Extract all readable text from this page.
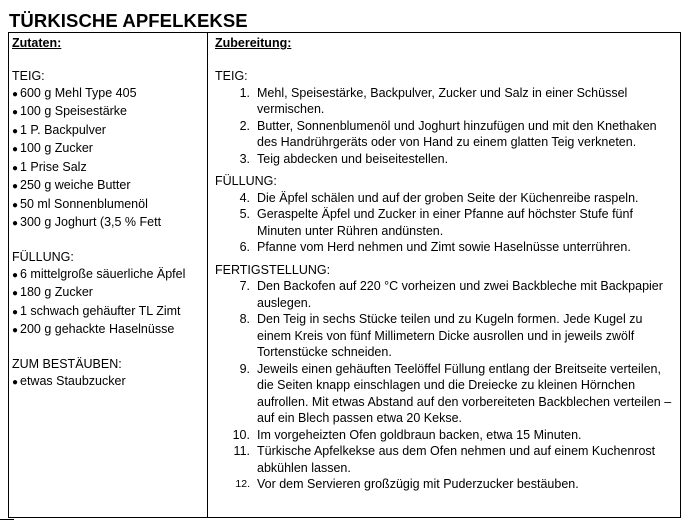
TÜRKISCHE APFELKEKSE
Zutaten:
TEIG:
● 600 g Mehl Type 405
● 100 g Speisestärke
● 1 P. Backpulver
● 100 g Zucker
● 1 Prise Salz
● 250 g weiche Butter
● 50 ml Sonnenblumenöl
● 300 g Joghurt (3,5 % Fett
FÜLLUNG:
● 6 mittelgroße säuerliche Äpfel
● 180 g Zucker
● 1 schwach gehäufter TL Zimt
● 200 g gehackte Haselnüsse
ZUM BESTÄUBEN:
● etwas Staubzucker
Zubereitung:
TEIG:
1. Mehl, Speisestärke, Backpulver, Zucker und Salz in einer Schüssel vermischen.
2. Butter, Sonnenblumenöl und Joghurt hinzufügen und mit den Knethaken des Handrührgeräts oder von Hand zu einem glatten Teig verkneten.
3. Teig abdecken und beiseitestellen.
FÜLLUNG:
4. Die Äpfel schälen und auf der groben Seite der Küchenreibe raspeln.
5. Geraspelte Äpfel und Zucker in einer Pfanne auf höchster Stufe fünf Minuten unter Rühren andünsten.
6. Pfanne vom Herd nehmen und Zimt sowie Haselnüsse unterrühren.
FERTIGSTELLUNG:
7. Den Backofen auf 220 °C vorheizen und zwei Backbleche mit Backpapier auslegen.
8. Den Teig in sechs Stücke teilen und zu Kugeln formen. Jede Kugel zu einem Kreis von fünf Millimetern Dicke ausrollen und in jeweils zwölf Tortenstücke schneiden.
9. Jeweils einen gehäuften Teelöffel Füllung entlang der Breitseite verteilen, die Seiten knapp einschlagen und die Dreiecke zu kleinen Hörnchen aufrollen. Mit etwas Abstand auf den vorbereiteten Backblechen verteilen – auf ein Blech passen etwa 20 Kekse.
10. Im vorgeheizten Ofen goldbraun backen, etwa 15 Minuten.
11. Türkische Apfelkekse aus dem Ofen nehmen und auf einem Kuchenrost abkühlen lassen.
12. Vor dem Servieren großzügig mit Puderzucker bestäuben.
